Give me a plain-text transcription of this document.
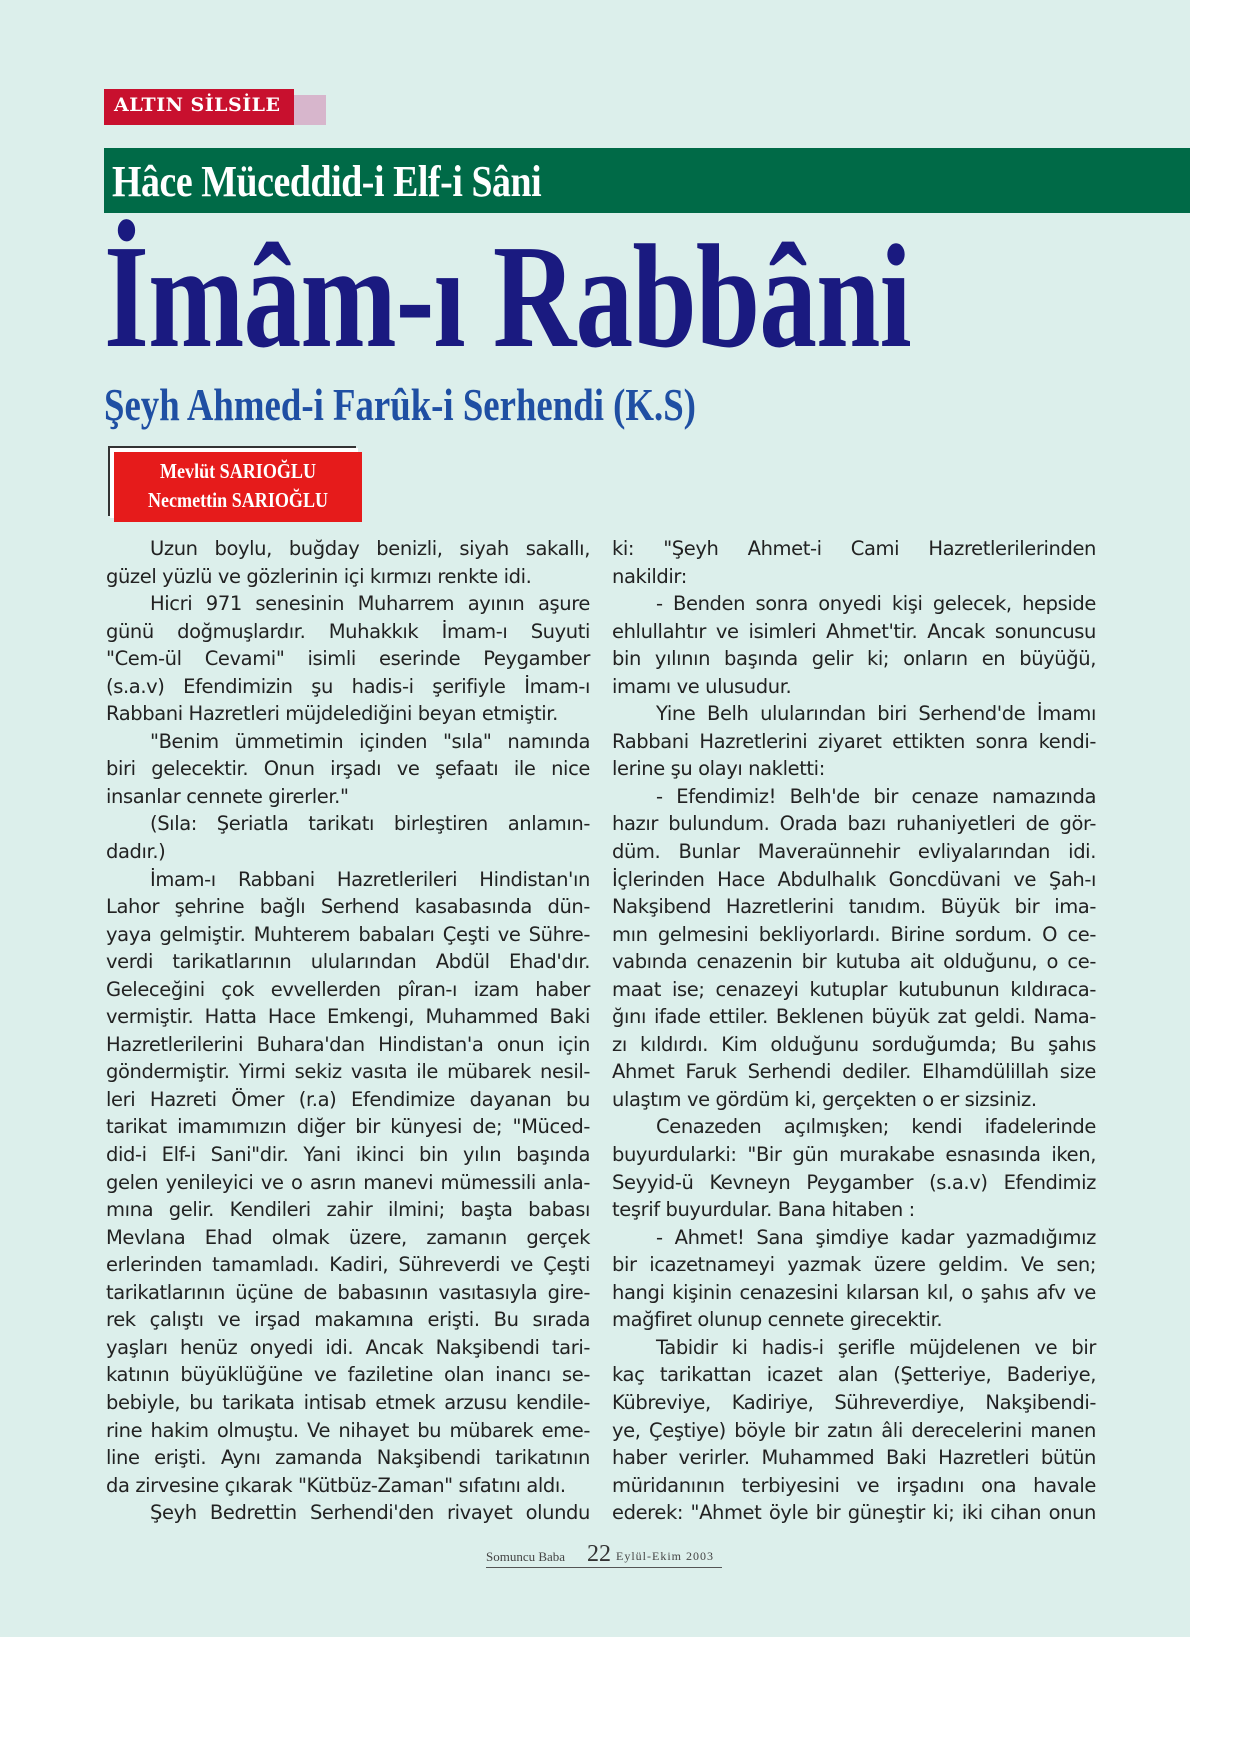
ALTIN SİLSİLE
Hâce Müceddid-i Elf-i Sâni
İmâm-ı Rabbâni
Şeyh Ahmed-i Farûk-i Serhendi (K.S)
Mevlüt SARIOĞLU
Necmettin SARIOĞLU
Uzun boylu, buğday benizli, siyah sakallı,
güzel yüzlü ve gözlerinin içi kırmızı renkte idi.
Hicri 971 senesinin Muharrem ayının aşure
günü doğmuşlardır. Muhakkık İmam-ı Suyuti
"Cem-ül Cevami" isimli eserinde Peygamber
(s.a.v) Efendimizin şu hadis-i şerifiyle İmam-ı
Rabbani Hazretleri müjdelediğini beyan etmiştir.
"Benim ümmetimin içinden "sıla" namında
biri gelecektir. Onun irşadı ve şefaatı ile nice
insanlar cennete girerler."
(Sıla: Şeriatla tarikatı birleştiren anlamın-
dadır.)
İmam-ı Rabbani Hazretlerileri Hindistan'ın
Lahor şehrine bağlı Serhend kasabasında dün-
yaya gelmiştir. Muhterem babaları Çeşti ve Sühre-
verdi tarikatlarının ulularından Abdül Ehad'dır.
Geleceğini çok evvellerden pîran-ı izam haber
vermiştir. Hatta Hace Emkengi, Muhammed Baki
Hazretlerilerini Buhara'dan Hindistan'a onun için
göndermiştir. Yirmi sekiz vasıta ile mübarek nesil-
leri Hazreti Ömer (r.a) Efendimize dayanan bu
tarikat imamımızın diğer bir künyesi de; "Müced-
did-i Elf-i Sani"dir. Yani ikinci bin yılın başında
gelen yenileyici ve o asrın manevi mümessili anla-
mına gelir. Kendileri zahir ilmini; başta babası
Mevlana Ehad olmak üzere, zamanın gerçek
erlerinden tamamladı. Kadiri, Sühreverdi ve Çeşti
tarikatlarının üçüne de babasının vasıtasıyla gire-
rek çalıştı ve irşad makamına erişti. Bu sırada
yaşları henüz onyedi idi. Ancak Nakşibendi tari-
katının büyüklüğüne ve faziletine olan inancı se-
bebiyle, bu tarikata intisab etmek arzusu kendile-
rine hakim olmuştu. Ve nihayet bu mübarek eme-
line erişti. Aynı zamanda Nakşibendi tarikatının
da zirvesine çıkarak "Kütbüz-Zaman" sıfatını aldı.
Şeyh Bedrettin Serhendi'den rivayet olundu
ki: "Şeyh Ahmet-i Cami Hazretlerilerinden
nakildir:
- Benden sonra onyedi kişi gelecek, hepside
ehlullahtır ve isimleri Ahmet'tir. Ancak sonuncusu
bin yılının başında gelir ki; onların en büyüğü,
imamı ve ulusudur.
Yine Belh ulularından biri Serhend'de İmamı
Rabbani Hazretlerini ziyaret ettikten sonra kendi-
lerine şu olayı nakletti:
- Efendimiz! Belh'de bir cenaze namazında
hazır bulundum. Orada bazı ruhaniyetleri de gör-
düm. Bunlar Maveraünnehir evliyalarından idi.
İçlerinden Hace Abdulhalık Goncdüvani ve Şah-ı
Nakşibend Hazretlerini tanıdım. Büyük bir ima-
mın gelmesini bekliyorlardı. Birine sordum. O ce-
vabında cenazenin bir kutuba ait olduğunu, o ce-
maat ise; cenazeyi kutuplar kutubunun kıldıraca-
ğını ifade ettiler. Beklenen büyük zat geldi. Nama-
zı kıldırdı. Kim olduğunu sorduğumda; Bu şahıs
Ahmet Faruk Serhendi dediler. Elhamdülillah size
ulaştım ve gördüm ki, gerçekten o er sizsiniz.
Cenazeden açılmışken; kendi ifadelerinde
buyurdularki: "Bir gün murakabe esnasında iken,
Seyyid-ü Kevneyn Peygamber (s.a.v) Efendimiz
teşrif buyurdular. Bana hitaben :
- Ahmet! Sana şimdiye kadar yazmadığımız
bir icazetnameyi yazmak üzere geldim. Ve sen;
hangi kişinin cenazesini kılarsan kıl, o şahıs afv ve
mağfiret olunup cennete girecektir.
Tabidir ki hadis-i şerifle müjdelenen ve bir
kaç tarikattan icazet alan (Şetteriye, Baderiye,
Kübreviye, Kadiriye, Sühreverdiye, Nakşibendi-
ye, Çeştiye) böyle bir zatın âli derecelerini manen
haber verirler. Muhammed Baki Hazretleri bütün
müridanının terbiyesini ve irşadını ona havale
ederek: "Ahmet öyle bir güneştir ki; iki cihan onun
Somuncu Baba 22 Eylül-Ekim 2003
